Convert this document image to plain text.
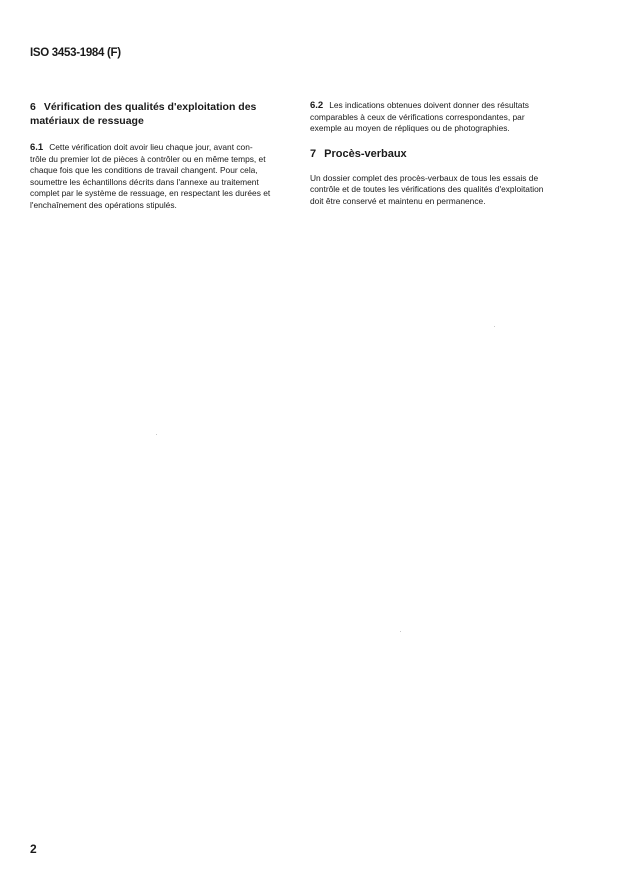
ISO 3453-1984 (F)
6 Vérification des qualités d'exploitation des
matériaux de ressuage

6.1 Cette vérification doit avoir lieu chaque jour, avant con-
trôle du premier lot de pièces à contrôler ou en même temps, et
chaque fois que les conditions de travail changent. Pour cela,
soumettre les échantillons décrits dans l'annexe au traitement
complet par le système de ressuage, en respectant les durées et
l'enchaînement des opérations stipulés.

6.2 Les indications obtenues doivent donner des résultats
comparables à ceux de vérifications correspondantes, par
exemple au moyen de répliques ou de photographies.

7 Procès-verbaux

Un dossier complet des procès-verbaux de tous les essais de
contrôle et de toutes les vérifications des qualités d'exploitation
doit être conservé et maintenu en permanence.

2
